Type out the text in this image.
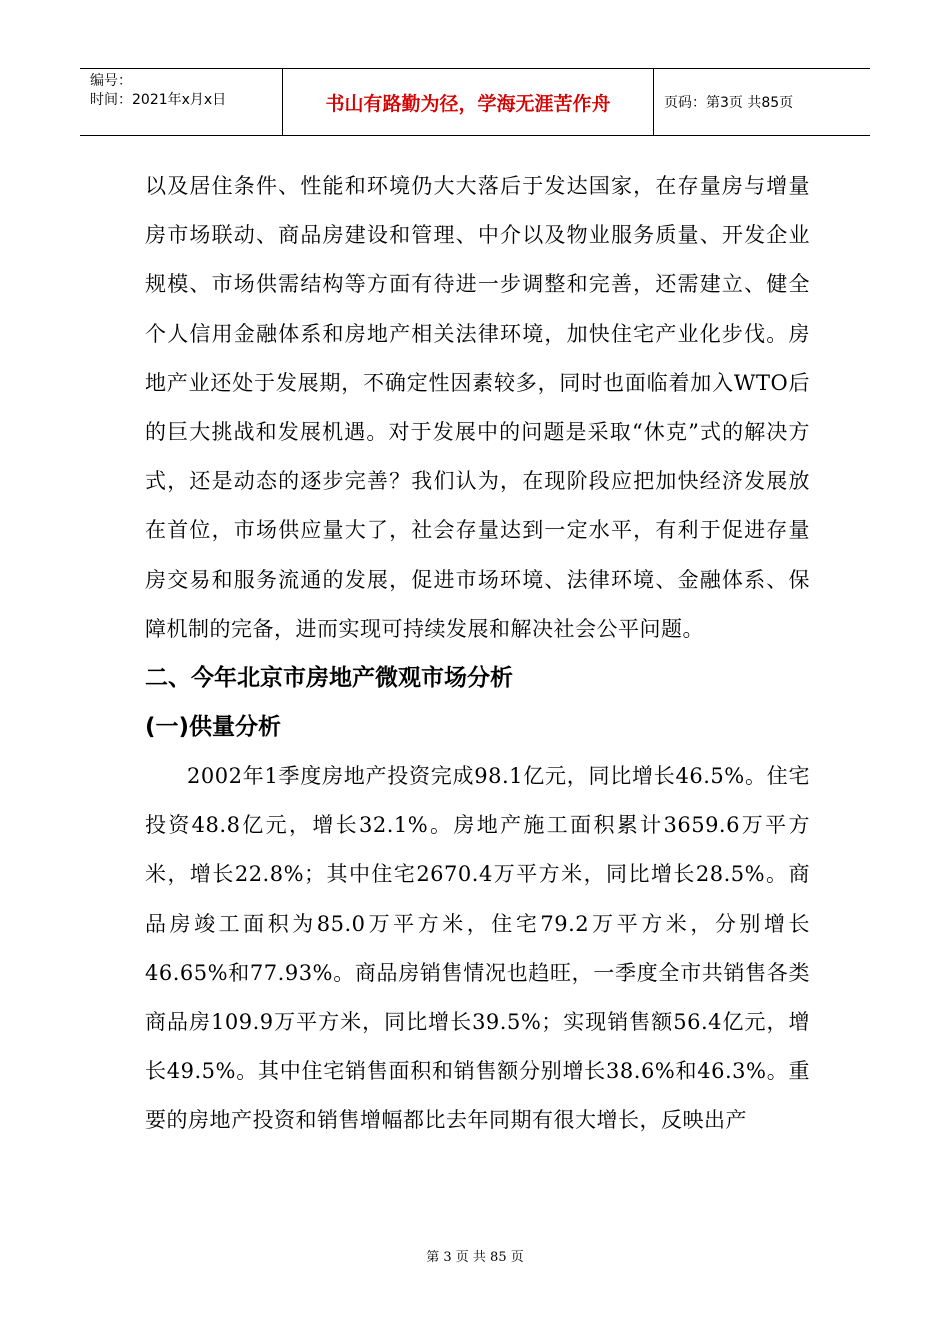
编号：
时间：2021年x月x日	书山有路勤为径，学海无涯苦作舟	页码：第3页 共85页

以及居住条件、性能和环境仍大大落后于发达国家，在存量房与增量房市场联动、商品房建设和管理、中介以及物业服务质量、开发企业规模、市场供需结构等方面有待进一步调整和完善，还需建立、健全个人信用金融体系和房地产相关法律环境，加快住宅产业化步伐。房地产业还处于发展期，不确定性因素较多，同时也面临着加入WTO后的巨大挑战和发展机遇。对于发展中的问题是采取“休克”式的解决方式，还是动态的逐步完善？我们认为，在现阶段应把加快经济发展放在首位，市场供应量大了，社会存量达到一定水平，有利于促进存量房交易和服务流通的发展，促进市场环境、法律环境、金融体系、保障机制的完备，进而实现可持续发展和解决社会公平问题。

二、今年北京市房地产微观市场分析

(一)供量分析

2002年1季度房地产投资完成98.1亿元，同比增长46.5%。住宅投资48.8亿元，增长32.1%。房地产施工面积累计3659.6万平方米，增长22.8%；其中住宅2670.4万平方米，同比增长28.5%。商品房竣工面积为85.0万平方米，住宅79.2万平方米，分别增长46.65%和77.93%。商品房销售情况也趋旺，一季度全市共销售各类商品房109.9万平方米，同比增长39.5%；实现销售额56.4亿元，增长49.5%。其中住宅销售面积和销售额分别增长38.6%和46.3%。重要的房地产投资和销售增幅都比去年同期有很大增长，反映出产

第 3 页 共 85 页
